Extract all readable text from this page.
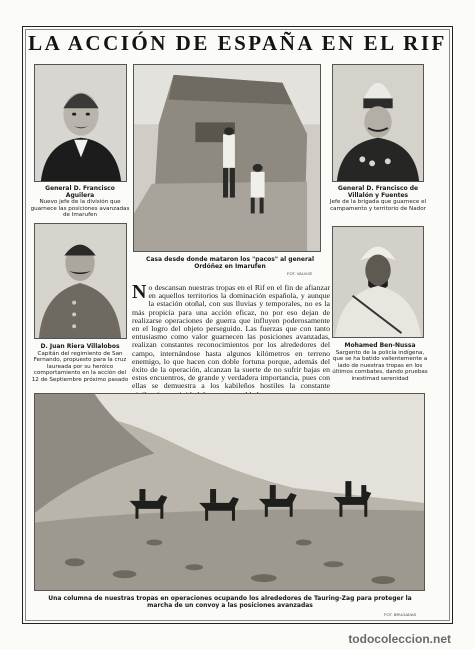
LA ACCIÓN DE ESPAÑA EN EL RIF
General D. Francisco Aguilera
Nuevo jefe de la división que guarnece las posiciones avanzadas de Imarufen
Casa desde donde mataron los "pacos" al general Ordóñez en Imarufen
FOT. VALVIJE
General D. Francisco de Villalón y Fuentes
Jefe de la brigada que guarnece el campamento y territorio de Nador
D. Juan Riera Villalobos
Capitán del regimiento de San Fernando, propuesto para la cruz laureada por su heróico comportamiento en la acción del 12 de Septiembre próximo pasado
Mohamed Ben-Nussa
Sargento de la policía indígena, que se ha batido valientemente a lado de nuestras tropas en los últimos combates, dando pruebas inestimad serenidad
No descansan nuestras tropas en el Rif en el fin de afianzar en aquellos territorios la dominación española, y aunque la estación otoñal, con sus lluvias y temporales, no es la más propicia para una acción eficaz, no por eso dejan de realizarse operaciones de guerra que influyen poderosamente en el logro del objeto perseguido. Las fuerzas que con tanto entusiasmo como valor guarnecen las posiciones avanzadas, realizan constantes reconocimientos por los alrededores del campo, internándose hasta algunos kilómetros en terreno enemigo, lo que hacen con doble fortuna porque, además del éxito de la operación, alcanzan la suerte de no sufrir bajas en estos encuentros, de grande y verdadera importancia, pues con ellas se demuestra a los kabileños hostiles la constante
Una columna de nuestras tropas en operaciones ocupando los alrededores de Tauring-Zag para proteger la marcha de un convoy a las posiciones avanzadas
FOT. BRUGADAS
todocoleccion.net
